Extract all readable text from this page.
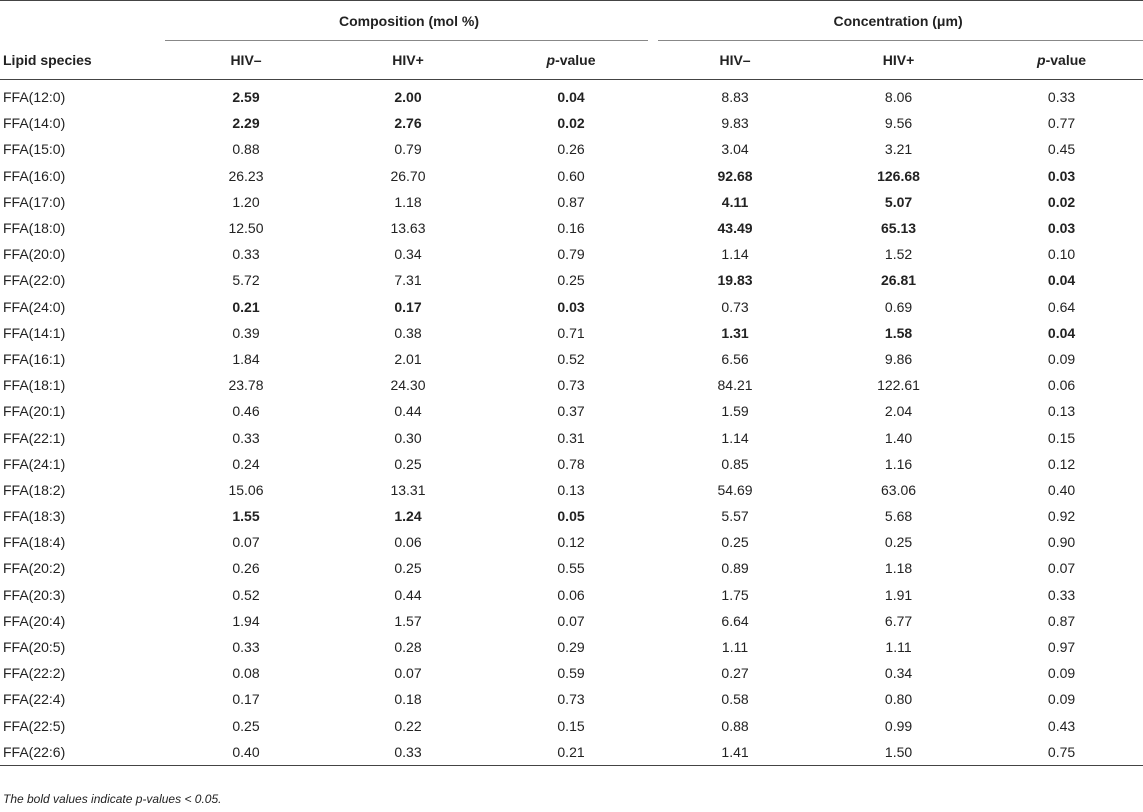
	Composition (mol %)			Concentration (μm)		
Lipid species	HIV–	HIV+	p-value	HIV–	HIV+	p-value
FFA(12:0)	2.59	2.00	0.04	8.83	8.06	0.33
FFA(14:0)	2.29	2.76	0.02	9.83	9.56	0.77
FFA(15:0)	0.88	0.79	0.26	3.04	3.21	0.45
FFA(16:0)	26.23	26.70	0.60	92.68	126.68	0.03
FFA(17:0)	1.20	1.18	0.87	4.11	5.07	0.02
FFA(18:0)	12.50	13.63	0.16	43.49	65.13	0.03
FFA(20:0)	0.33	0.34	0.79	1.14	1.52	0.10
FFA(22:0)	5.72	7.31	0.25	19.83	26.81	0.04
FFA(24:0)	0.21	0.17	0.03	0.73	0.69	0.64
FFA(14:1)	0.39	0.38	0.71	1.31	1.58	0.04
FFA(16:1)	1.84	2.01	0.52	6.56	9.86	0.09
FFA(18:1)	23.78	24.30	0.73	84.21	122.61	0.06
FFA(20:1)	0.46	0.44	0.37	1.59	2.04	0.13
FFA(22:1)	0.33	0.30	0.31	1.14	1.40	0.15
FFA(24:1)	0.24	0.25	0.78	0.85	1.16	0.12
FFA(18:2)	15.06	13.31	0.13	54.69	63.06	0.40
FFA(18:3)	1.55	1.24	0.05	5.57	5.68	0.92
FFA(18:4)	0.07	0.06	0.12	0.25	0.25	0.90
FFA(20:2)	0.26	0.25	0.55	0.89	1.18	0.07
FFA(20:3)	0.52	0.44	0.06	1.75	1.91	0.33
FFA(20:4)	1.94	1.57	0.07	6.64	6.77	0.87
FFA(20:5)	0.33	0.28	0.29	1.11	1.11	0.97
FFA(22:2)	0.08	0.07	0.59	0.27	0.34	0.09
FFA(22:4)	0.17	0.18	0.73	0.58	0.80	0.09
FFA(22:5)	0.25	0.22	0.15	0.88	0.99	0.43
FFA(22:6)	0.40	0.33	0.21	1.41	1.50	0.75
The bold values indicate p-values < 0.05.
